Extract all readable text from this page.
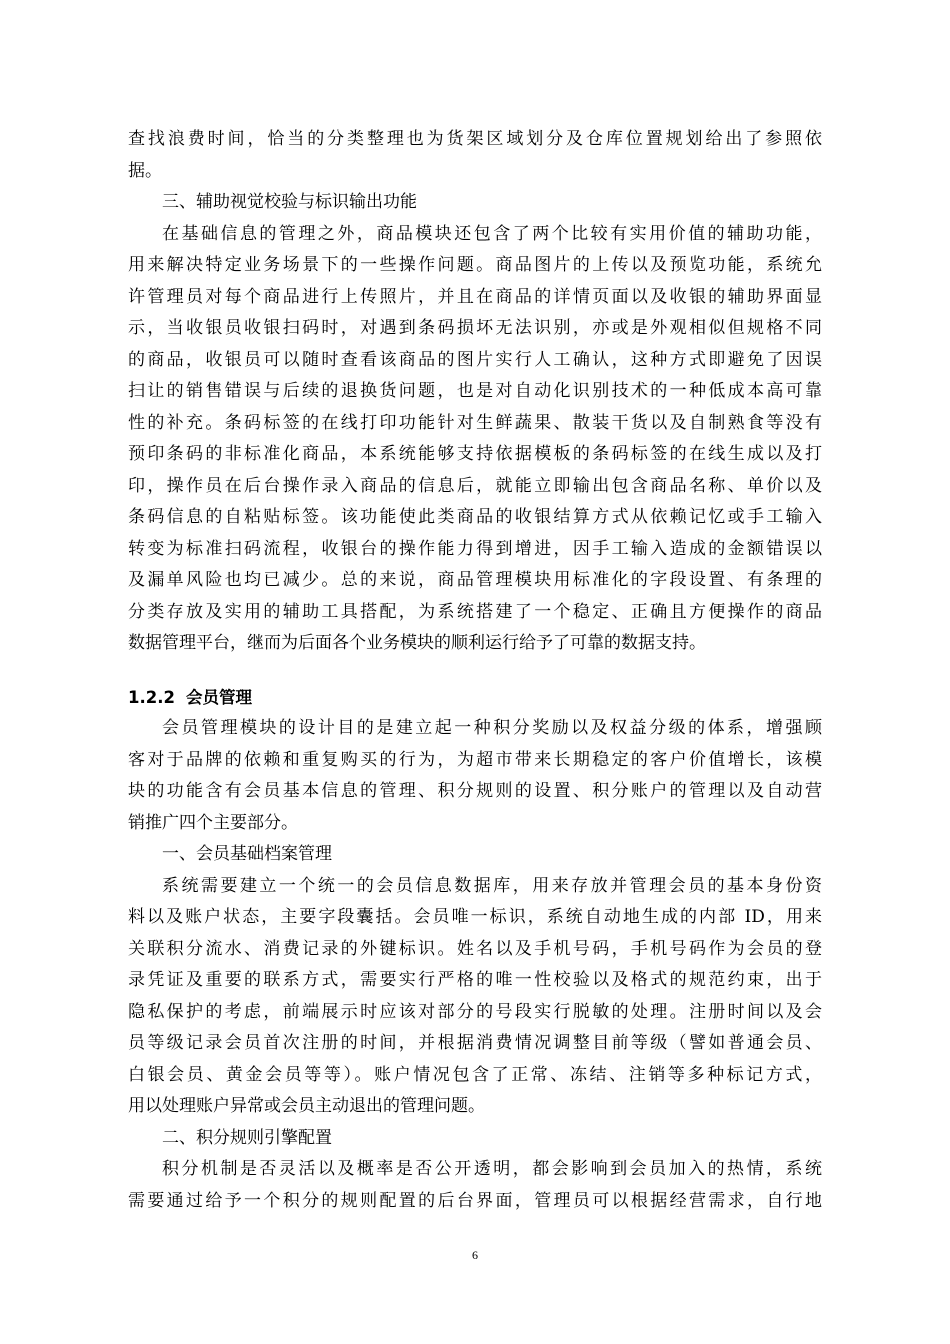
查找浪费时间，恰当的分类整理也为货架区域划分及仓库位置规划给出了参照依
据。
三、辅助视觉校验与标识输出功能
在基础信息的管理之外，商品模块还包含了两个比较有实用价值的辅助功能，
用来解决特定业务场景下的一些操作问题。商品图片的上传以及预览功能，系统允
许管理员对每个商品进行上传照片，并且在商品的详情页面以及收银的辅助界面显
示，当收银员收银扫码时，对遇到条码损坏无法识别，亦或是外观相似但规格不同
的商品，收银员可以随时查看该商品的图片实行人工确认，这种方式即避免了因误
扫让的销售错误与后续的退换货问题，也是对自动化识别技术的一种低成本高可靠
性的补充。条码标签的在线打印功能针对生鲜蔬果、散装干货以及自制熟食等没有
预印条码的非标准化商品，本系统能够支持依据模板的条码标签的在线生成以及打
印，操作员在后台操作录入商品的信息后，就能立即输出包含商品名称、单价以及
条码信息的自粘贴标签。该功能使此类商品的收银结算方式从依赖记忆或手工输入
转变为标准扫码流程，收银台的操作能力得到增进，因手工输入造成的金额错误以
及漏单风险也均已减少。总的来说，商品管理模块用标准化的字段设置、有条理的
分类存放及实用的辅助工具搭配，为系统搭建了一个稳定、正确且方便操作的商品
数据管理平台，继而为后面各个业务模块的顺利运行给予了可靠的数据支持。
1.2.2 会员管理
会员管理模块的设计目的是建立起一种积分奖励以及权益分级的体系，增强顾
客对于品牌的依赖和重复购买的行为，为超市带来长期稳定的客户价值增长，该模
块的功能含有会员基本信息的管理、积分规则的设置、积分账户的管理以及自动营
销推广四个主要部分。
一、会员基础档案管理
系统需要建立一个统一的会员信息数据库，用来存放并管理会员的基本身份资
料以及账户状态，主要字段囊括。会员唯一标识，系统自动地生成的内部 ID，用来
关联积分流水、消费记录的外键标识。姓名以及手机号码，手机号码作为会员的登
录凭证及重要的联系方式，需要实行严格的唯一性校验以及格式的规范约束，出于
隐私保护的考虑，前端展示时应该对部分的号段实行脱敏的处理。注册时间以及会
员等级记录会员首次注册的时间，并根据消费情况调整目前等级（譬如普通会员、
白银会员、黄金会员等等）。账户情况包含了正常、冻结、注销等多种标记方式，
用以处理账户异常或会员主动退出的管理问题。
二、积分规则引擎配置
积分机制是否灵活以及概率是否公开透明，都会影响到会员加入的热情，系统
需要通过给予一个积分的规则配置的后台界面，管理员可以根据经营需求，自行地
6
